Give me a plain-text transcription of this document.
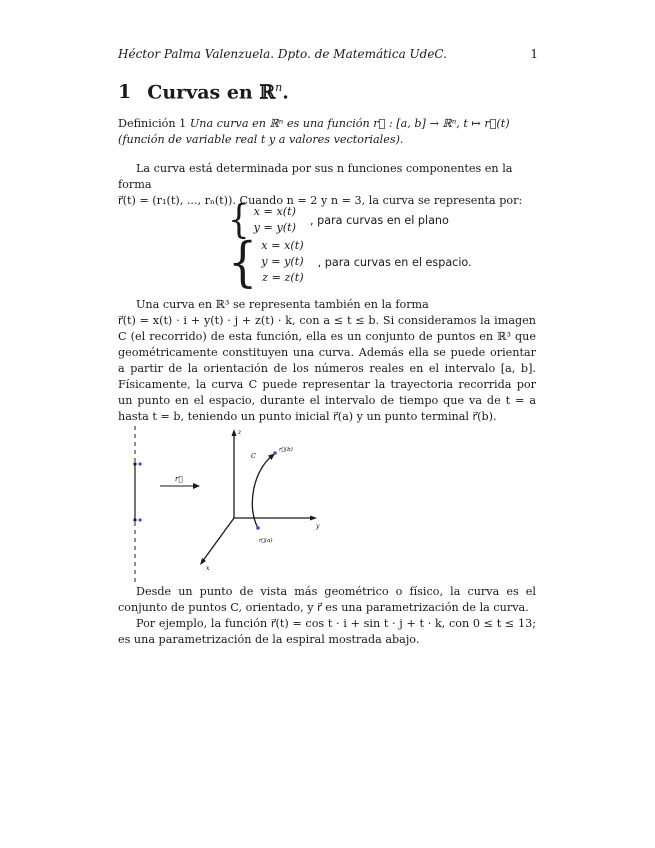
Héctor Palma Valenzuela. Dpto. de Matemática UdeC.	1
1 Curvas en ℝ$^n$.
Definición 1 Una curva en ℝⁿ es una función r⃗ : [a, b] → ℝⁿ, t ↦ r⃗(t)
(función de variable real t y a valores vectoriales).
La curva está determinada por sus n funciones componentes en la forma
r⃗(t) = (r₁(t), ..., rₙ(t)). Cuando n = 2 y n = 3, la curva se representa por:
{ x = x(t)
y = y(t)
, para curvas en el plano
{ x = x(t)
y = y(t)
z = z(t)
, para curvas en el espacio.
Una curva en ℝ³ se representa también en la forma
r⃗(t) = x(t) · i + y(t) · j + z(t) · k, con a ≤ t ≤ b. Si consideramos la imagen C (el recorrido) de esta función, ella es un conjunto de puntos en ℝ³ que geométricamente constituyen una curva. Además ella se puede orientar a partir de la orientación de los números reales en el intervalo [a, b]. Físicamente, la curva C puede representar la trayectoria recorrida por un punto en el espacio, durante el intervalo de tiempo que va de t = a hasta t = b, teniendo un punto inicial r⃗(a) y un punto terminal r⃗(b).
r⃗
z
y
x
C
r⃗(b)
r⃗(a)
Desde un punto de vista más geométrico o físico, la curva es el conjunto de puntos C, orientado, y r⃗ es una parametrización de la curva.
Por ejemplo, la función r⃗(t) = cos t · i + sin t · j + t · k, con 0 ≤ t ≤ 13; es una parametrización de la espiral mostrada abajo.
